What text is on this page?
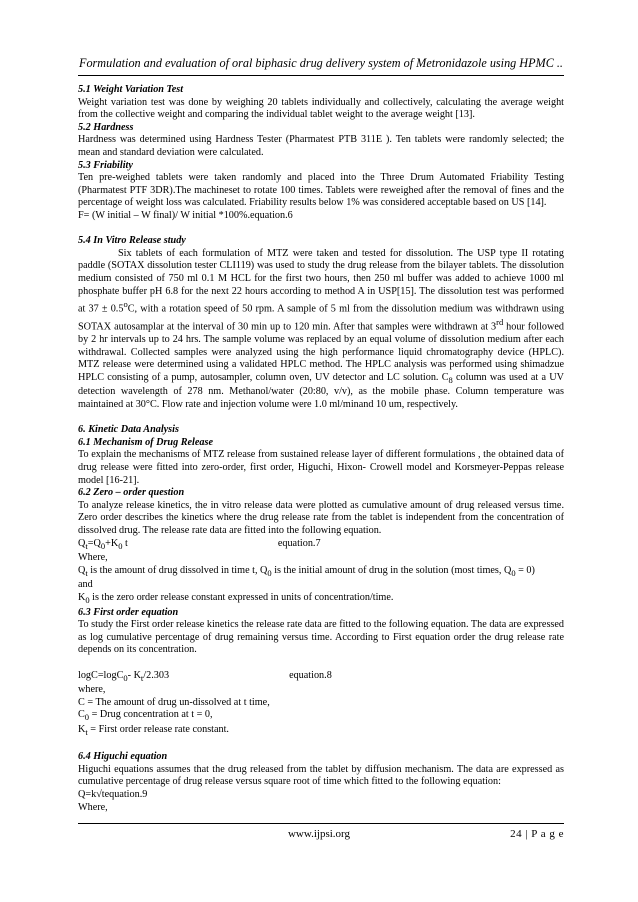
Formulation and evaluation of oral biphasic drug delivery system of Metronidazole using HPMC ..

5.1 Weight Variation Test

Weight variation test was done by weighing 20 tablets individually and collectively, calculating the average weight from the collective weight and comparing the individual tablet weight to the average weight [13].

5.2 Hardness

Hardness was determined using Hardness Tester (Pharmatest PTB 311E ). Ten tablets were randomly selected; the mean and standard deviation were calculated.

5.3 Friability

Ten pre-weighed tablets were taken randomly and placed into the Three Drum Automated Friability Testing (Pharmatest PTF 3DR).The machineset to rotate 100 times. Tablets were reweighed after the removal of fines and the percentage of weight loss was calculated. Friability results below 1% was considered acceptable based on US [14].

F= (W initial – W final)/ W initial *100%.equation.6

5.4 In Vitro Release study

Six tablets of each formulation of MTZ were taken and tested for dissolution. The USP type II rotating paddle (SOTAX dissolution tester CLI119) was used to study the drug release from the bilayer tablets. The dissolution medium consisted of 750 ml 0.1 M HCL for the first two hours, then 250 ml buffer was added to achieve 1000 ml phosphate buffer pH 6.8 for the next 22 hours according to method A in USP[15]. The dissolution test was performed at $37 \pm 0.5^oC$, with a rotation speed of 50 rpm. A sample of 5 ml from the dissolution medium was withdrawn using SOTAX autosamplar at the interval of 30 min up to 120 min. After that samples were withdrawn at 3rd hour followed by 2 hr intervals up to 24 hrs. The sample volume was replaced by an equal volume of dissolution medium after each withdrawal. Collected samples were analyzed using the high performance liquid chromatography device (HPLC). MTZ release were determined using a validated HPLC method. The HPLC analysis was performed using shimadzue HPLC consisting of a pump, autosampler, column oven, UV detector and LC solution. $C_8$ column was used at a UV detection wavelength of 278 nm. Methanol/water (20:80, v/v), as the mobile phase. Column temperature was maintained at 30°C. Flow rate and injection volume were 1.0 ml/minand 10 um, respectively.

6. Kinetic Data Analysis

6.1 Mechanism of Drug Release

To explain the mechanisms of MTZ release from sustained release layer of different formulations , the obtained data of drug release were fitted into zero-order, first order, Higuchi, Hixon- Crowell model and Korsmeyer-Peppas release model [16-21].

6.2 Zero – order question

To analyze release kinetics, the in vitro release data were plotted as cumulative amount of drug released versus time. Zero order describes the kinetics where the drug release rate from the tablet is independent from the concentration of dissolved drug. The release rate data are fitted into the following equation.

$Q_t=Q_0+K_0$ t	equation.7

Where,

$Q_t$ is the amount of drug dissolved in time t, $Q_0$ is the initial amount of drug in the solution (most times, $Q_0 = 0$)

and

$K_0$ is the zero order release constant expressed in units of concentration/time.

6.3 First order equation

To study the First order release kinetics the release rate data are fitted to the following equation. The data are expressed as log cumulative percentage of drug remaining versus time. According to First equation order the drug release rate depends on its concentration.

logC=logC$_0$- $K_t/2.303$	equation.8

where,

C = The amount of drug un-dissolved at t time,

$C_0$ = Drug concentration at t = 0,

$K_t$ = First order release rate constant.

6.4 Higuchi equation

Higuchi equations assumes that the drug released from the tablet by diffusion mechanism. The data are expressed as cumulative percentage of drug release versus square root of time which fitted to the following equation:

Q=k√tequation.9

Where,

www.ijpsi.org	24 | P a g e
